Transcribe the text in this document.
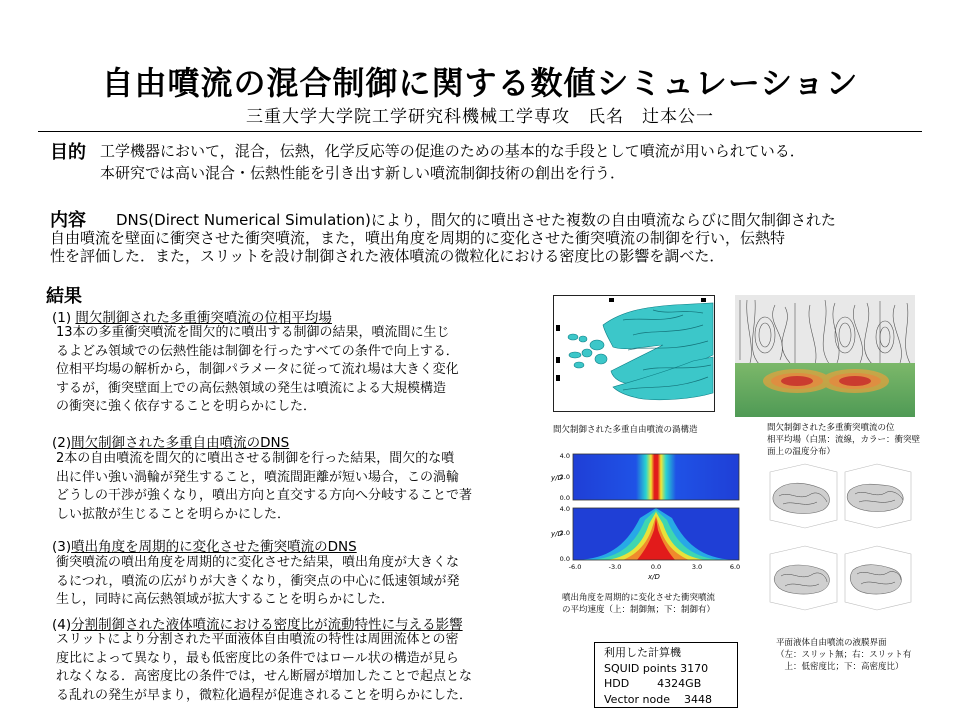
自由噴流の混合制御に関する数値シミュレーション
三重大学大学院工学研究科機械工学専攻　氏名　辻本公一
目的 工学機器において，混合，伝熱，化学反応等の促進のための基本的な手段として噴流が用いられている．
本研究では高い混合・伝熱性能を引き出す新しい噴流制御技術の創出を行う．
内容 DNS(Direct Numerical Simulation)により，間欠的に噴出させた複数の自由噴流ならびに間欠制御された
自由噴流を壁面に衝突させた衝突噴流，また，噴出角度を周期的に変化させた衝突噴流の制御を行い，伝熱特
性を評価した．また，スリットを設け制御された液体噴流の微粒化における密度比の影響を調べた．
結果
(1) 間欠制御された多重衝突噴流の位相平均場
13本の多重衝突噴流を間欠的に噴出する制御の結果，噴流間に生じ
るよどみ領域での伝熱性能は制御を行ったすべての条件で向上する．
位相平均場の解析から，制御パラメータに従って流れ場は大きく変化
するが，衝突壁面上での高伝熱領域の発生は噴流による大規模構造
の衝突に強く依存することを明らかにした．
(2)間欠制御された多重自由噴流のDNS
2本の自由噴流を間欠的に噴出させる制御を行った結果，間欠的な噴
出に伴い強い渦輪が発生すること，噴流間距離が短い場合，この渦輪
どうしの干渉が強くなり，噴出方向と直交する方向へ分岐することで著
しい拡散が生じることを明らかにした．
(3)噴出角度を周期的に変化させた衝突噴流のDNS
衝突噴流の噴出角度を周期的に変化させた結果，噴出角度が大きくな
るにつれ，噴流の広がりが大きくなり，衝突点の中心に低速領域が発
生し，同時に高伝熱領域が拡大することを明らかにした．
(4)分割制御された液体噴流における密度比が流動特性に与える影響
スリットにより分割された平面液体自由噴流の特性は周囲流体との密
度比によって異なり，最も低密度比の条件ではロール状の構造が見ら
れなくなる．高密度比の条件では，せん断層が増加したことで起点とな
る乱れの発生が早まり，微粒化過程が促進されることを明らかにした．
間欠制御された多重自由噴流の渦構造	間欠制御された多重衝突噴流の位
相平均場（白黒：流線，カラー：衝突壁
面上の温度分布）
4.0
2.0
0.0
4.0
2.0
0.0
y/D
y/D
x/D
-6.0	-3.0	0.0	3.0	6.0
噴出角度を周期的に変化させた衝突噴流
の平均速度（上：制御無；下：制御有）
利用した計算機
SQUID points 3170
HDD        4324GB
Vector node    3448
平面液体自由噴流の液膜界面
（左：スリット無；右：スリット有
　上：低密度比；下：高密度比）
